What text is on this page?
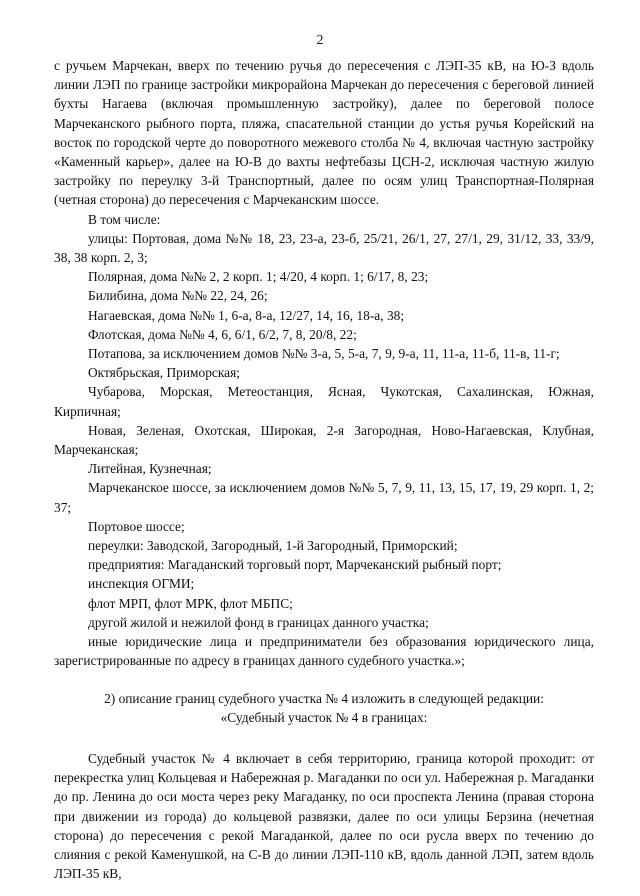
2

с ручьем Марчекан, вверх по течению ручья до пересечения с ЛЭП-35 кВ, на Ю-З вдоль линии ЛЭП по границе застройки микрорайона Марчекан до пересечения с береговой линией бухты Нагаева (включая промышленную застройку), далее по береговой полосе Марчеканского рыбного порта, пляжа, спасательной станции до устья ручья Корейский на восток по городской черте до поворотного межевого столба № 4, включая частную застройку «Каменный карьер», далее на Ю-В до вахты нефтебазы ЦСН-2, исключая частную жилую застройку по переулку 3-й Транспортный, далее по осям улиц Транспортная-Полярная (четная сторона) до пересечения с Марчеканским шоссе.

В том числе:

улицы: Портовая, дома №№ 18, 23, 23-а, 23-б, 25/21, 26/1, 27, 27/1, 29, 31/12, 33, 33/9, 38, 38 корп. 2, 3;

Полярная, дома №№ 2, 2 корп. 1; 4/20, 4 корп. 1; 6/17, 8, 23;

Билибина, дома №№ 22, 24, 26;

Нагаевская, дома №№ 1, 6-а, 8-а, 12/27, 14, 16, 18-а, 38;

Флотская, дома №№ 4, 6, 6/1, 6/2, 7, 8, 20/8, 22;

Потапова, за исключением домов №№ 3-а, 5, 5-а, 7, 9, 9-а, 11, 11-а, 11-б, 11-в, 11-г;

Октябрьская, Приморская;

Чубарова, Морская, Метеостанция, Ясная, Чукотская, Сахалинская, Южная, Кирпичная;

Новая, Зеленая, Охотская, Широкая, 2-я Загородная, Ново-Нагаевская, Клубная, Марчеканская;

Литейная, Кузнечная;

Марчеканское шоссе, за исключением домов №№ 5, 7, 9, 11, 13, 15, 17, 19, 29 корп. 1, 2; 37;

Портовое шоссе;

переулки: Заводской, Загородный, 1-й Загородный, Приморский;

предприятия: Магаданский торговый порт, Марчеканский рыбный порт;

инспекция ОГМИ;

флот МРП, флот МРК, флот МБПС;

другой жилой и нежилой фонд в границах данного участка;

иные юридические лица и предприниматели без образования юридического лица, зарегистрированные по адресу в границах данного судебного участка.»;

2) описание границ судебного участка № 4 изложить в следующей редакции:

«Судебный участок № 4 в границах:

Судебный участок № 4 включает в себя территорию, граница которой проходит: от перекрестка улиц Кольцевая и Набережная р. Магаданки по оси ул. Набережная р. Магаданки до пр. Ленина до оси моста через реку Магаданку, по оси проспекта Ленина (правая сторона при движении из города) до кольцевой развязки, далее по оси улицы Берзина (нечетная сторона) до пересечения с рекой Магаданкой, далее по оси русла вверх по течению до слияния с рекой Каменушкой, на С-В до линии ЛЭП-110 кВ, вдоль данной ЛЭП, затем вдоль ЛЭП-35 кВ,
